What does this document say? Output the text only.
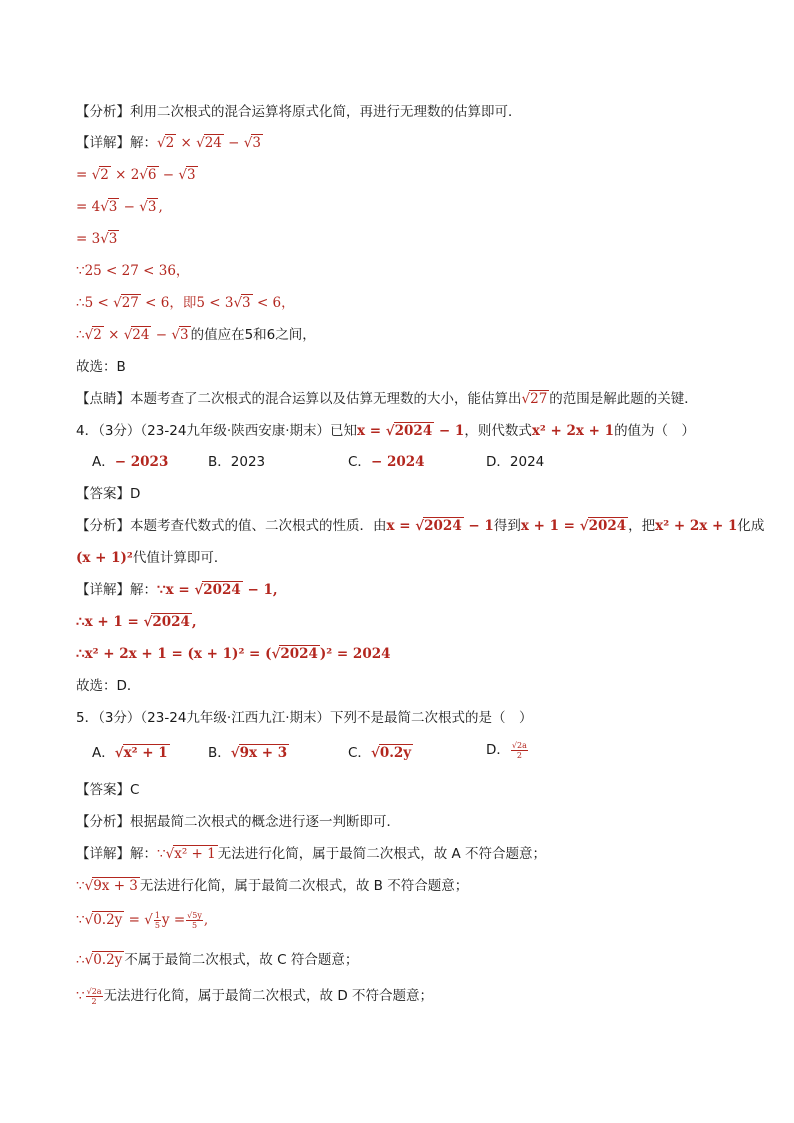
【分析】利用二次根式的混合运算将原式化简，再进行无理数的估算即可．
【详解】解：√2 × √24 − √3
= √2 × 2√6 − √3
= 4√3 − √3 ,
= 3√3
∵25 < 27 < 36，
∴5 < √27 < 6，即5 < 3√3 < 6，
∴√2 × √24 − √3 的值应在5和6之间，
故选：B
【点睛】本题考查了二次根式的混合运算以及估算无理数的大小，能估算出√27 的范围是解此题的关键．
4．（3分）（23-24九年级·陕西安康·期末）已知x = √2024 − 1，则代数式x² + 2x + 1的值为（　）
A．− 2023	B．2023	C．− 2024	D．2024
【答案】D
【分析】本题考查代数式的值、二次根式的性质．由x = √2024 − 1得到x + 1 = √2024 ，把x² + 2x + 1化成
(x + 1)²代值计算即可．
【详解】解：∵x = √2024 − 1,
∴x + 1 = √2024 ,
∴x² + 2x + 1 = (x + 1)² = (√2024 )² = 2024
故选：D．
5．（3分）（23-24九年级·江西九江·期末）下列不是最简二次根式的是（　）
A．√x² + 1	B．√9x + 3	C．√0.2y	D． $\frac{√2a}{2}$
【答案】C
【分析】根据最简二次根式的概念进行逐一判断即可．
【详解】解：∵√x² + 1 无法进行化简，属于最简二次根式，故 A 不符合题意；
∵√9x + 3 无法进行化简，属于最简二次根式，故 B 不符合题意；
∵√0.2y = √ $\frac{1}{5}$ $y = \frac{√5y}{5}$ ,
∴√0.2y 不属于最简二次根式，故 C 符合题意；
∵ $\frac{√2a}{2}$ 无法进行化简，属于最简二次根式，故 D 不符合题意；
